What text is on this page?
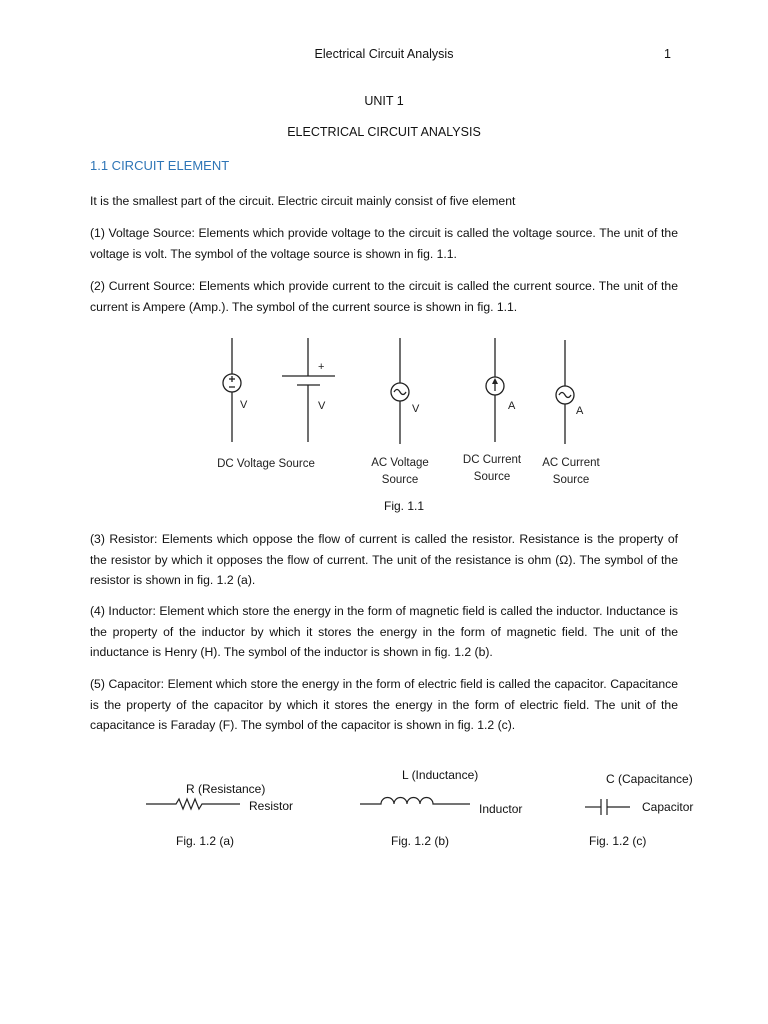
Electrical Circuit Analysis	1
UNIT 1
ELECTRICAL CIRCUIT ANALYSIS
1.1 CIRCUIT ELEMENT

It is the smallest part of the circuit. Electric circuit mainly consist of five element

(1) Voltage Source: Elements which provide voltage to the circuit is called the voltage source. The unit of the voltage is volt. The symbol of the voltage source is shown in fig. 1.1.

(2) Current Source: Elements which provide current to the circuit is called the current source. The unit of the current is Ampere (Amp.). The symbol of the current source is shown in fig. 1.1.

+
V	V	V	A	A
DC Voltage Source	AC Voltage
Source
DC Current
Source
AC Current
Source
Fig. 1.1

(3) Resistor: Elements which oppose the flow of current is called the resistor. Resistance is the property of the resistor by which it opposes the flow of current. The unit of the resistance is ohm (Ω). The symbol of the resistor is shown in fig. 1.2 (a).

(4) Inductor: Element which store the energy in the form of magnetic field is called the inductor. Inductance is the property of the inductor by which it stores the energy in the form of magnetic field. The unit of the inductance is Henry (H). The symbol of the inductor is shown in fig. 1.2 (b).

(5) Capacitor: Element which store the energy in the form of electric field is called the capacitor. Capacitance is the property of the capacitor by which it stores the energy in the form of electric field. The unit of the capacitance is Faraday (F). The symbol of the capacitor is shown in fig. 1.2 (c).

R (Resistance)
Resistor
L (Inductance)
Inductor
C (Capacitance)
Capacitor
Fig. 1.2 (a)	Fig. 1.2 (b)	Fig. 1.2 (c)
